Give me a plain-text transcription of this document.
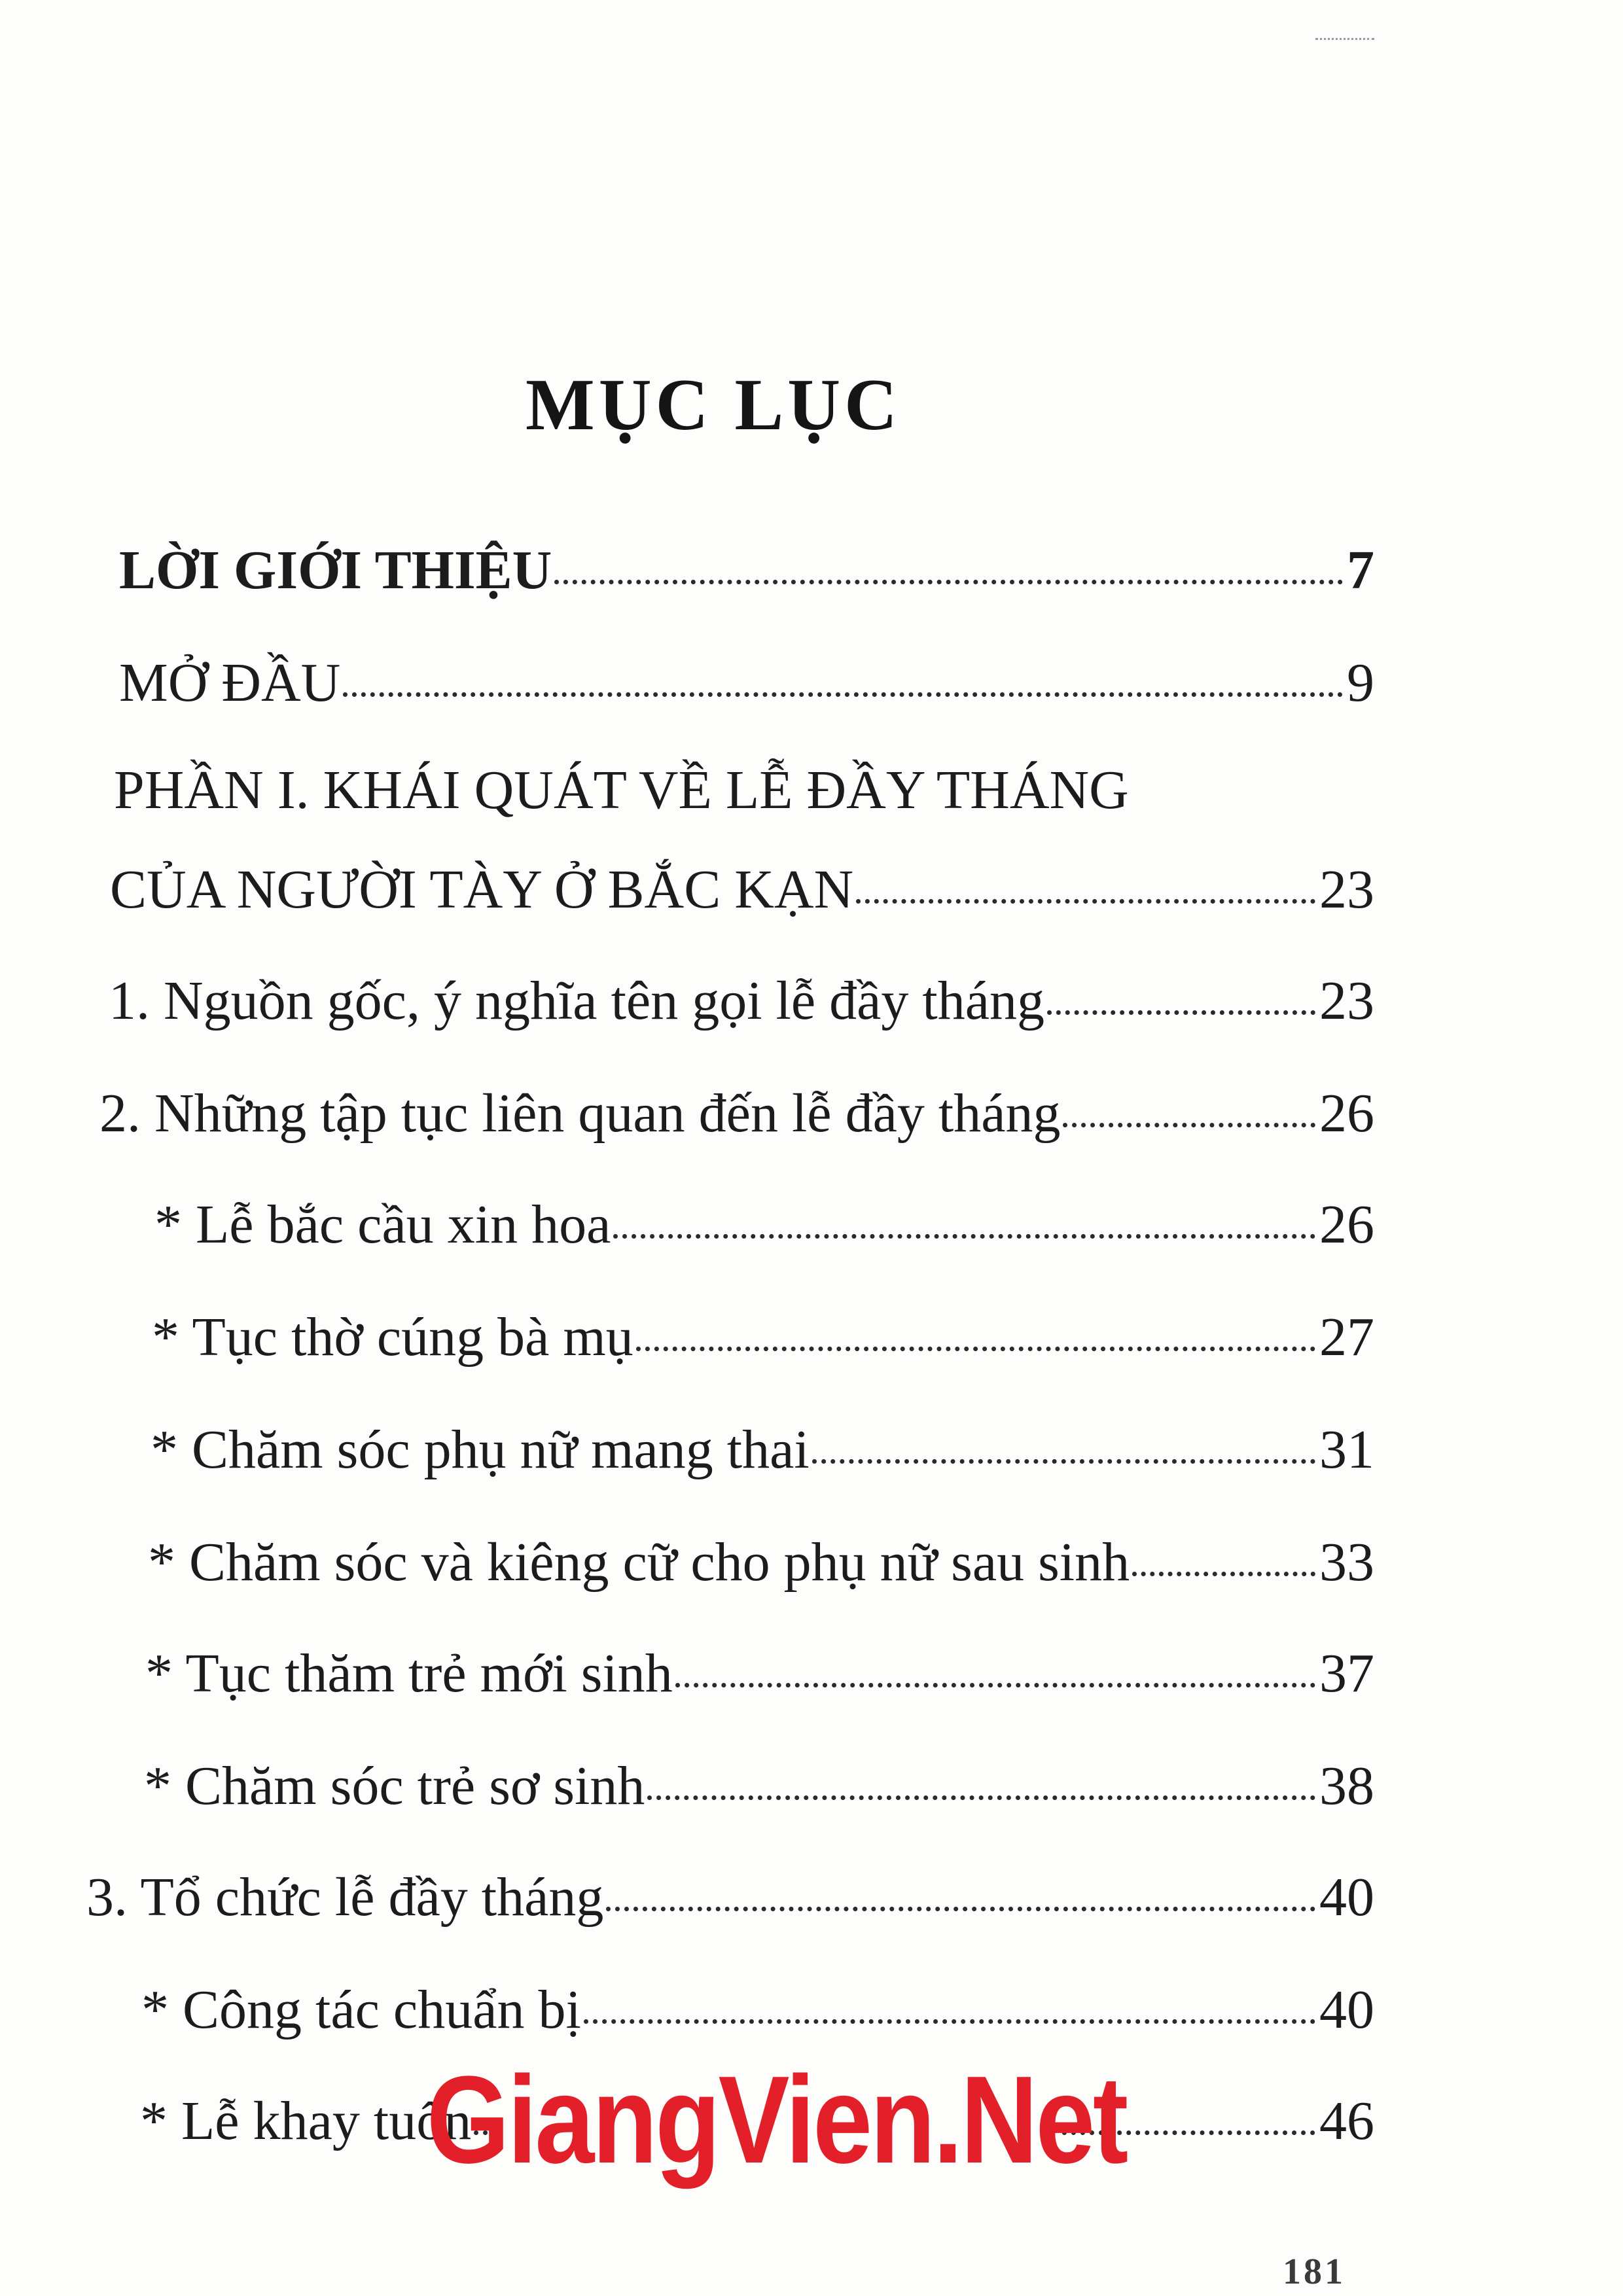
MỤC LỤC
LỜI GIỚI THIỆU	7
MỞ ĐẦU	9
PHẦN I. KHÁI QUÁT VỀ LỄ ĐẦY THÁNG
CỦA NGƯỜI TÀY Ở BẮC KẠN	23
1. Nguồn gốc, ý nghĩa tên gọi lễ đầy tháng	23
2. Những tập tục liên quan đến lễ đầy tháng	26
* Lễ bắc cầu xin hoa	26
* Tục thờ cúng bà mụ	27
* Chăm sóc phụ nữ mang thai	31
* Chăm sóc và kiêng cữ cho phụ nữ sau sinh	33
* Tục thăm trẻ mới sinh	37
* Chăm sóc trẻ sơ sinh	38
3. Tổ chức lễ đầy tháng	40
* Công tác chuẩn bị	40
* Lễ khay tuổn	46
GiangVien.Net
181
